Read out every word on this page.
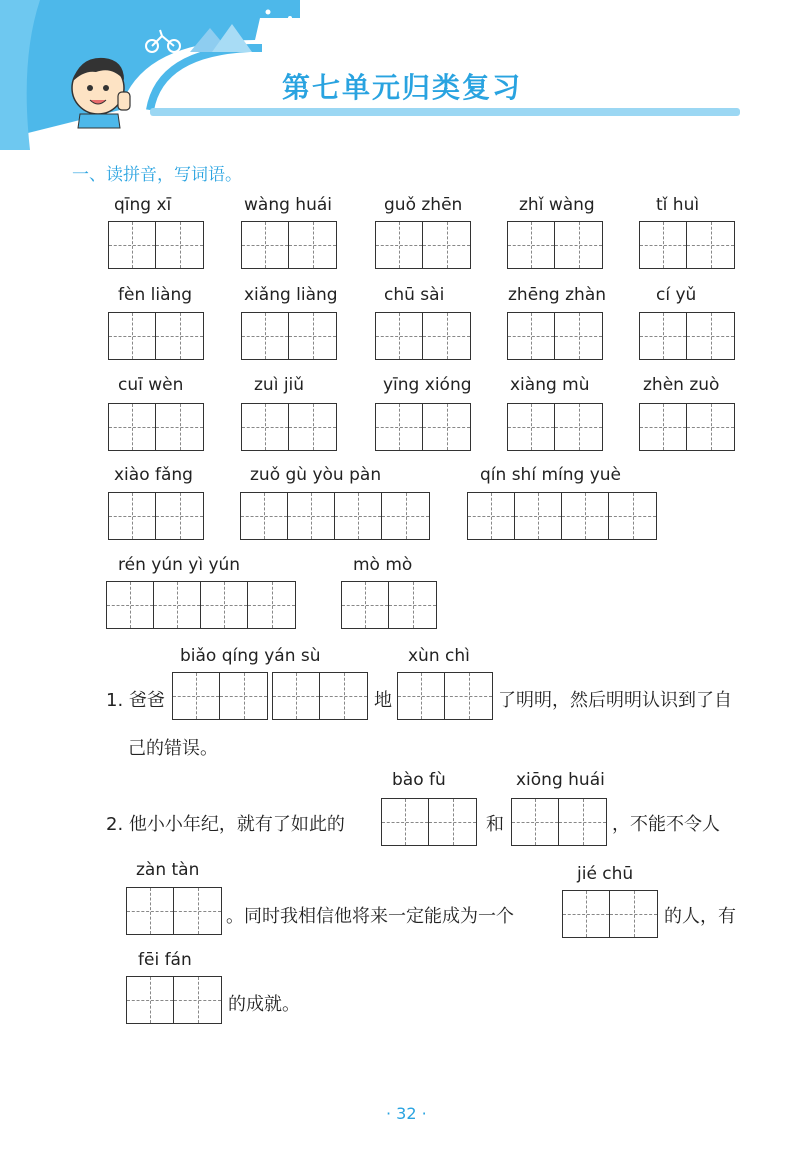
第七单元归类复习
一、读拼音，写词语。
qīng xī	wàng huái	guǒ zhēn	zhǐ wàng	tǐ huì
fèn liàng	xiǎng liàng	chū sài	zhēng zhàn	cí yǔ
cuī wèn	zuì jiǔ	yīng xióng xiàng mù	zhèn zuò
xiào fǎng	zuǒ gù yòu pàn	qín shí míng yuè
rén yún yì yún	mò mò
biǎo qíng yán sù	xùn chì
1. 爸爸	地	了明明，然后明明认识到了自
己的错误。
bào fù	xiōng huái
2. 他小小年纪，就有了如此的	和	，不能不令人
zàn tàn	jié chū
。同时我相信他将来一定能成为一个	的人，有
fēi fán
的成就。
· 32 ·
